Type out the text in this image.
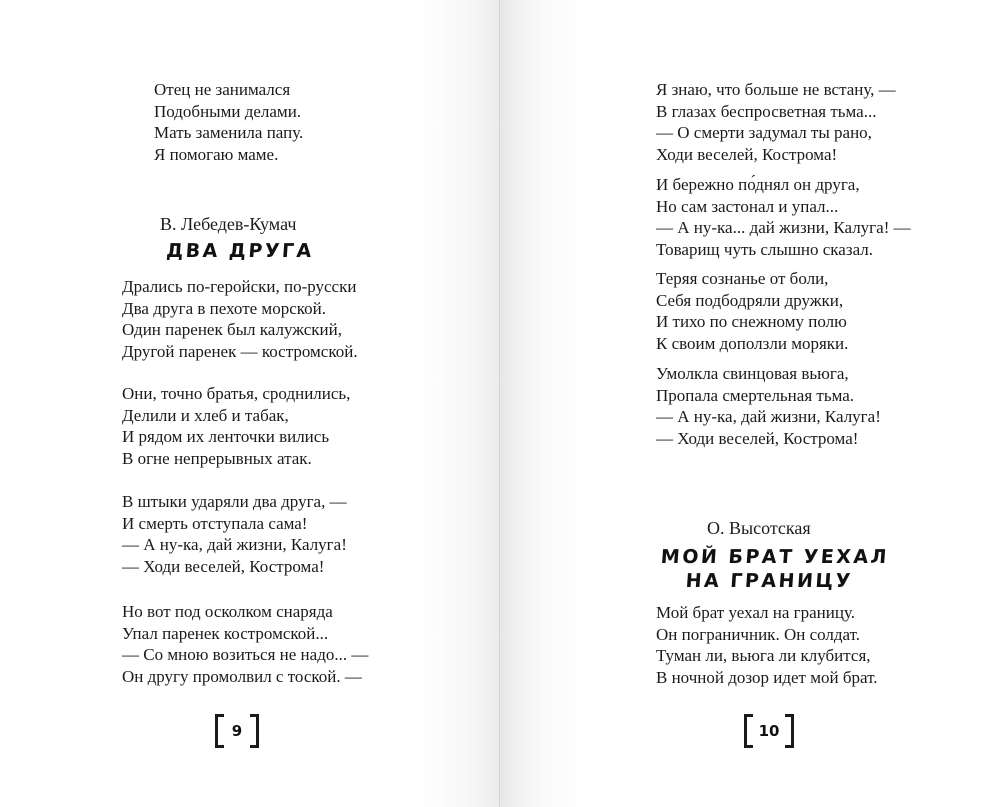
Отец не занимался
Подобными делами.
Мать заменила папу.
Я помогаю маме.
В. Лебедев-Кумач
ДВА ДРУГА
Дрались по-геройски, по-русски
Два друга в пехоте морской.
Один паренек был калужский,
Другой паренек — костромской.
Они, точно братья, сроднились,
Делили и хлеб и табак,
И рядом их ленточки вились
В огне непрерывных атак.
В штыки ударяли два друга, —
И смерть отступала сама!
— А ну-ка, дай жизни, Калуга!
— Ходи веселей, Кострома!
Но вот под осколком снаряда
Упал паренек костромской...
— Со мною возиться не надо... —
Он другу промолвил с тоской. —
9
Я знаю, что больше не встану, —
В глазах беспросветная тьма...
— О смерти задумал ты рано,
Ходи веселей, Кострома!
И бережно по́днял он друга,
Но сам застонал и упал...
— А ну-ка... дай жизни, Калуга! —
Товарищ чуть слышно сказал.
Теряя сознанье от боли,
Себя подбодряли дружки,
И тихо по снежному полю
К своим доползли моряки.
Умолкла свинцовая вьюга,
Пропала смертельная тьма.
— А ну-ка, дай жизни, Калуга!
— Ходи веселей, Кострома!
О. Высотская
МОЙ БРАТ УЕХАЛ
НА ГРАНИЦУ
Мой брат уехал на границу.
Он пограничник. Он солдат.
Туман ли, вьюга ли клубится,
В ночной дозор идет мой брат.
10
